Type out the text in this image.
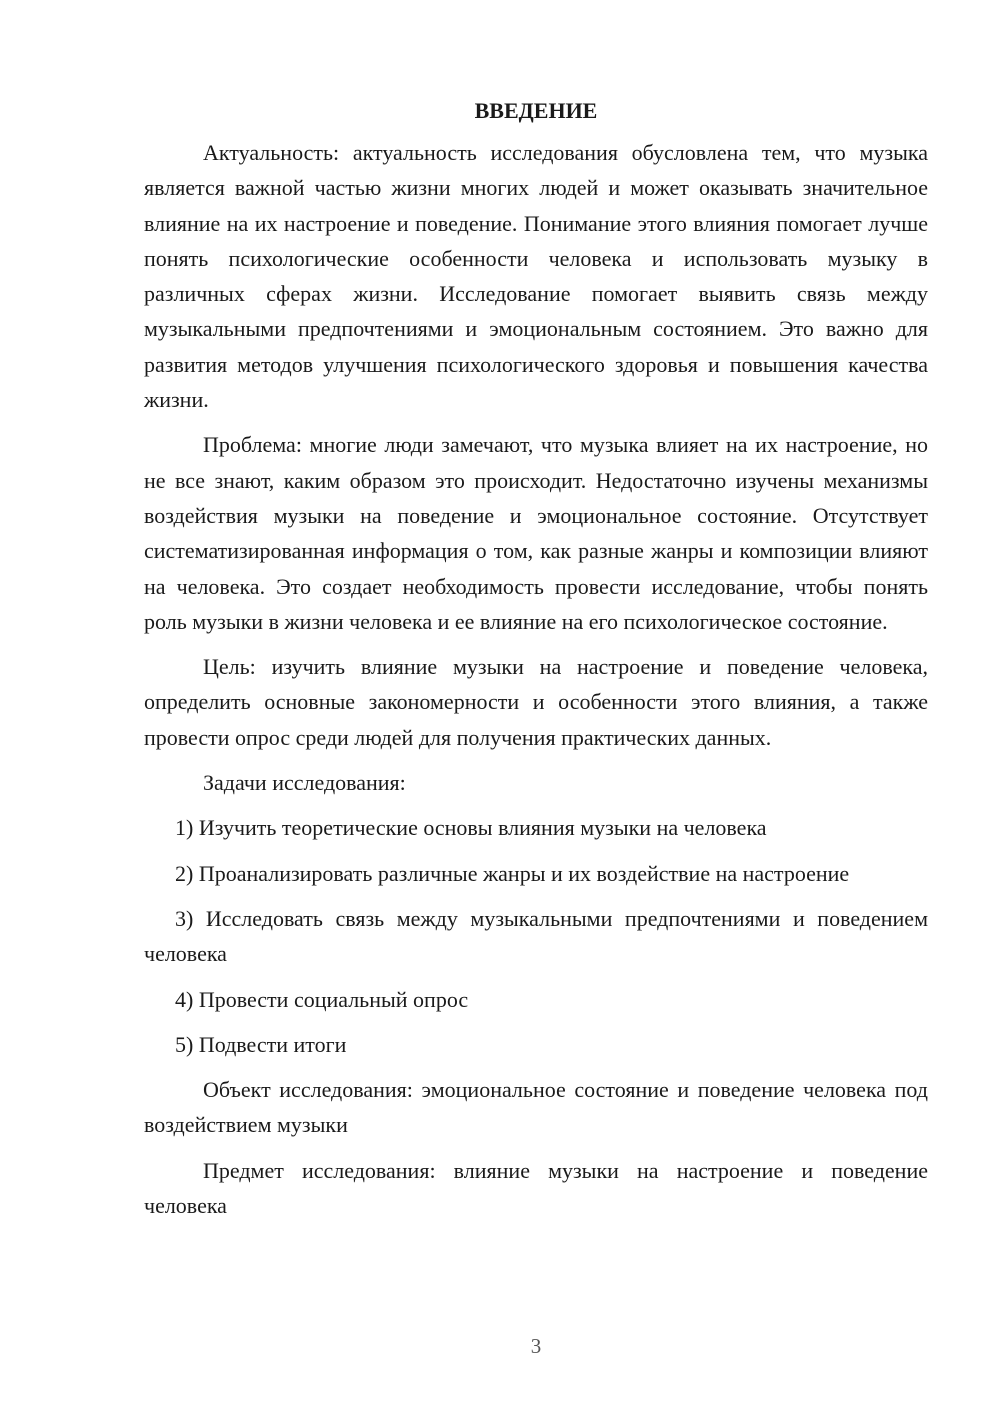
ВВЕДЕНИЕ

Актуальность: актуальность исследования обусловлена тем, что музыка является важной частью жизни многих людей и может оказывать значительное влияние на их настроение и поведение. Понимание этого влияния помогает лучше понять психологические особенности человека и использовать музыку в различных сферах жизни. Исследование помогает выявить связь между музыкальными предпочтениями и эмоциональным состоянием. Это важно для развития методов улучшения психологического здоровья и повышения качества жизни.

Проблема: многие люди замечают, что музыка влияет на их настроение, но не все знают, каким образом это происходит. Недостаточно изучены механизмы воздействия музыки на поведение и эмоциональное состояние. Отсутствует систематизированная информация о том, как разные жанры и композиции влияют на человека. Это создает необходимость провести исследование, чтобы понять роль музыки в жизни человека и ее влияние на его психологическое состояние.

Цель: изучить влияние музыки на настроение и поведение человека, определить основные закономерности и особенности этого влияния, а также провести опрос среди людей для получения практических данных.

Задачи исследования:

1) Изучить теоретические основы влияния музыки на человека

2) Проанализировать различные жанры и их воздействие на настроение

3) Исследовать связь между музыкальными предпочтениями и поведением человека

4) Провести социальный опрос

5) Подвести итоги

Объект исследования: эмоциональное состояние и поведение человека под воздействием музыки

Предмет исследования: влияние музыки на настроение и поведение человека

3
